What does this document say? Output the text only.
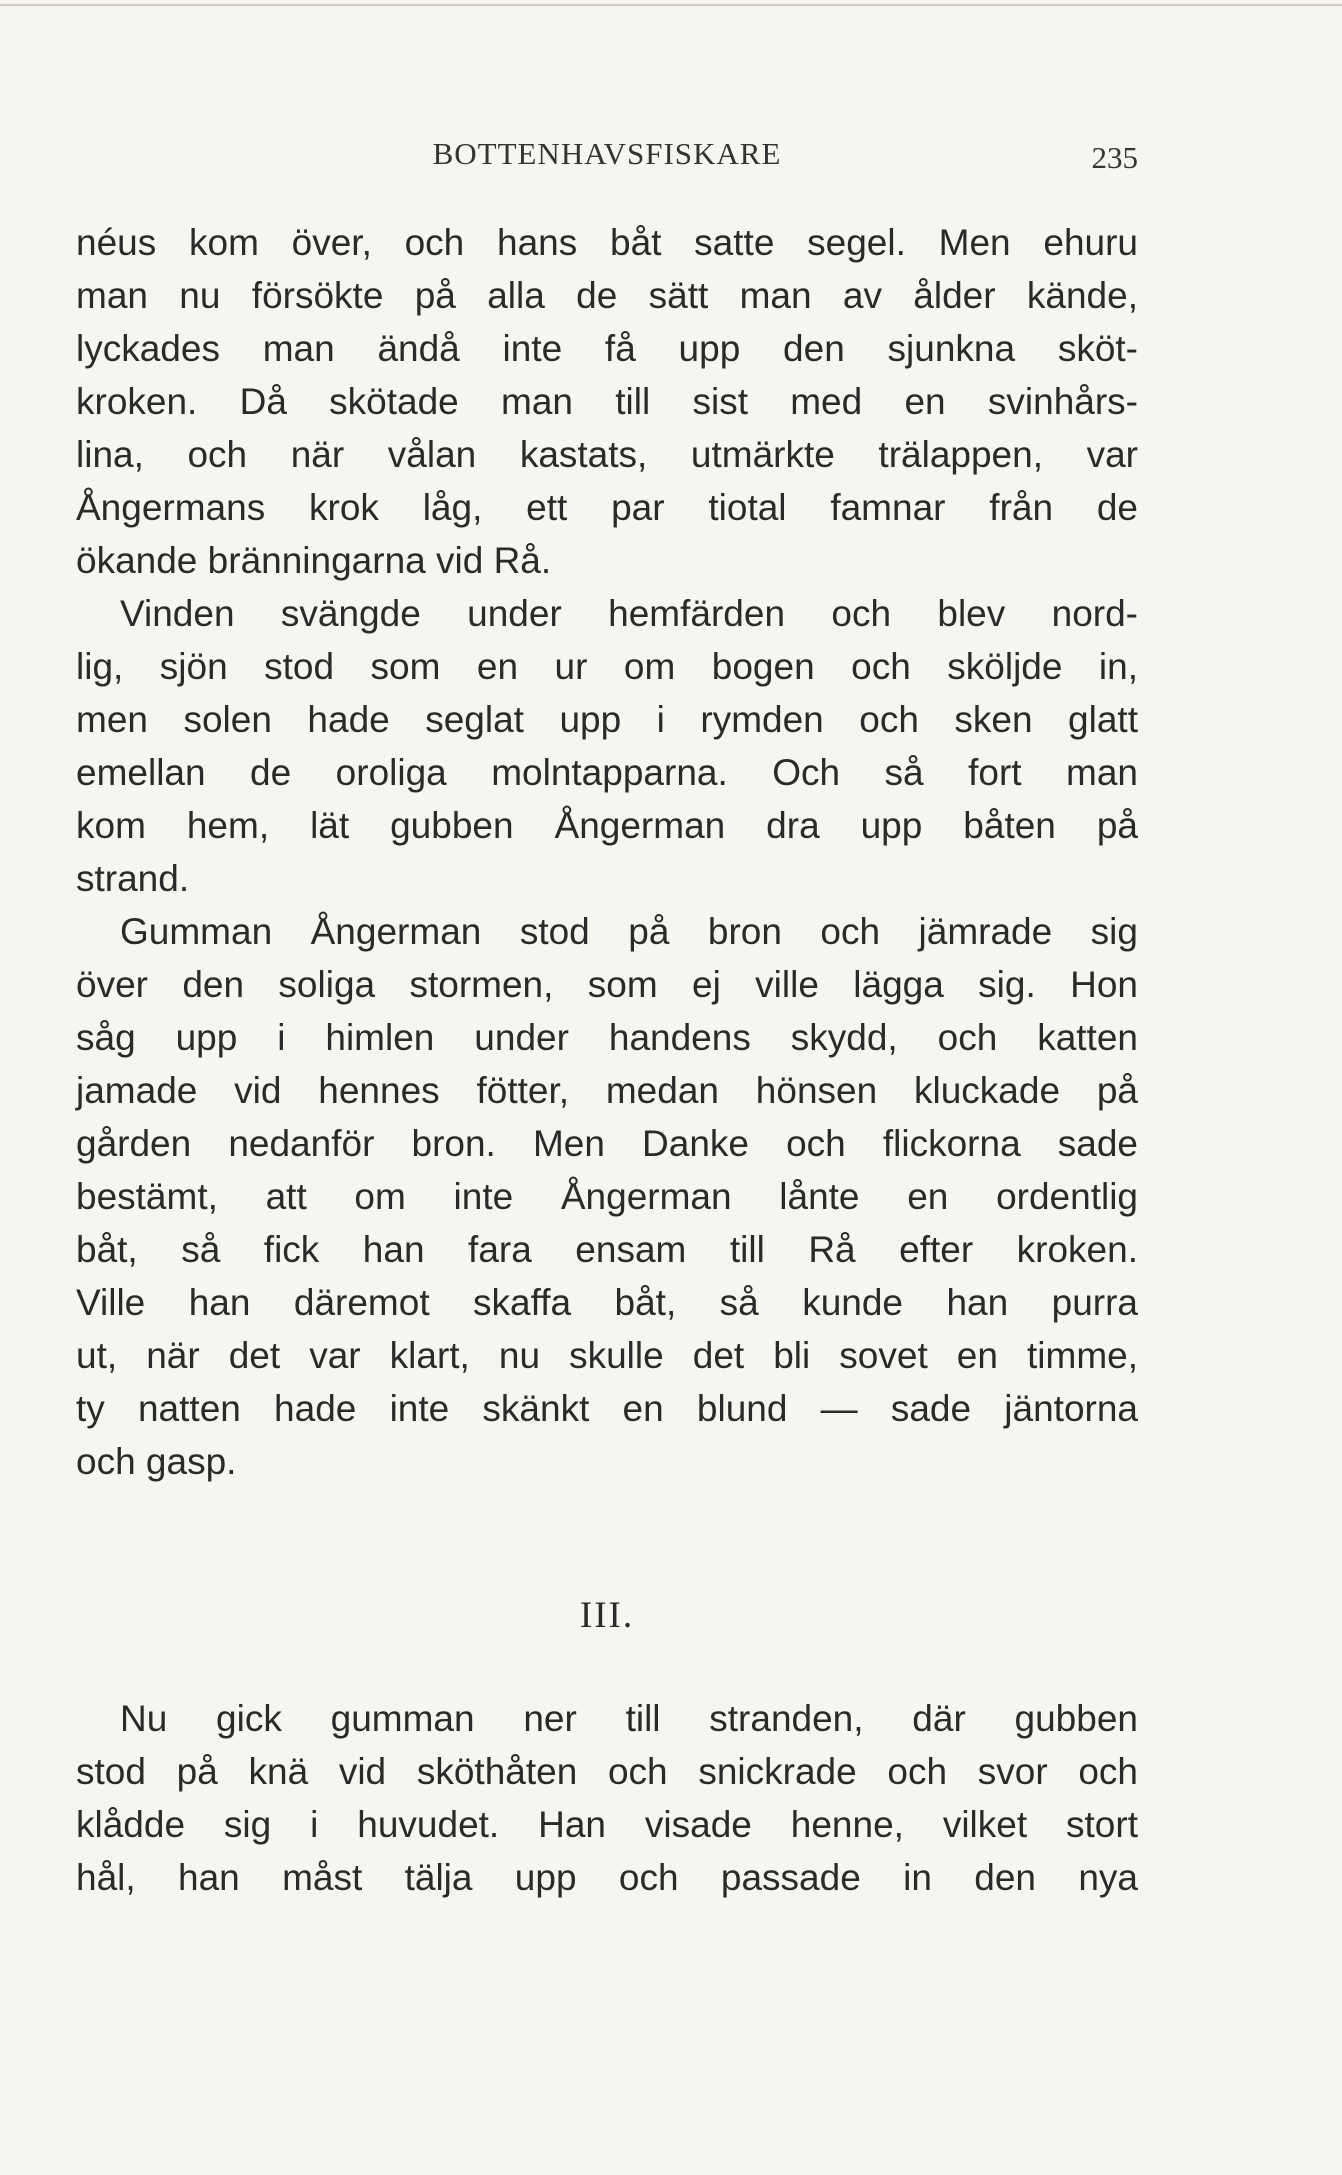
BOTTENHAVSFISKARE	235
néus kom över, och hans båt satte segel. Men ehuru
man nu försökte på alla de sätt man av ålder kände,
lyckades man ändå inte få upp den sjunkna sköt-
kroken. Då skötade man till sist med en svinhårs-
lina, och när vålan kastats, utmärkte trälappen, var
Ångermans krok låg, ett par tiotal famnar från de
ökande bränningarna vid Rå.
Vinden svängde under hemfärden och blev nord-
lig, sjön stod som en ur om bogen och sköljde in,
men solen hade seglat upp i rymden och sken glatt
emellan de oroliga molntapparna. Och så fort man
kom hem, lät gubben Ångerman dra upp båten på
strand.
Gumman Ångerman stod på bron och jämrade sig
över den soliga stormen, som ej ville lägga sig. Hon
såg upp i himlen under handens skydd, och katten
jamade vid hennes fötter, medan hönsen kluckade på
gården nedanför bron. Men Danke och flickorna sade
bestämt, att om inte Ångerman lånte en ordentlig
båt, så fick han fara ensam till Rå efter kroken.
Ville han däremot skaffa båt, så kunde han purra
ut, när det var klart, nu skulle det bli sovet en timme,
ty natten hade inte skänkt en blund — sade jäntorna
och gasp.
III.
Nu gick gumman ner till stranden, där gubben
stod på knä vid sköthåten och snickrade och svor och
klådde sig i huvudet. Han visade henne, vilket stort
hål, han måst tälja upp och passade in den nya
